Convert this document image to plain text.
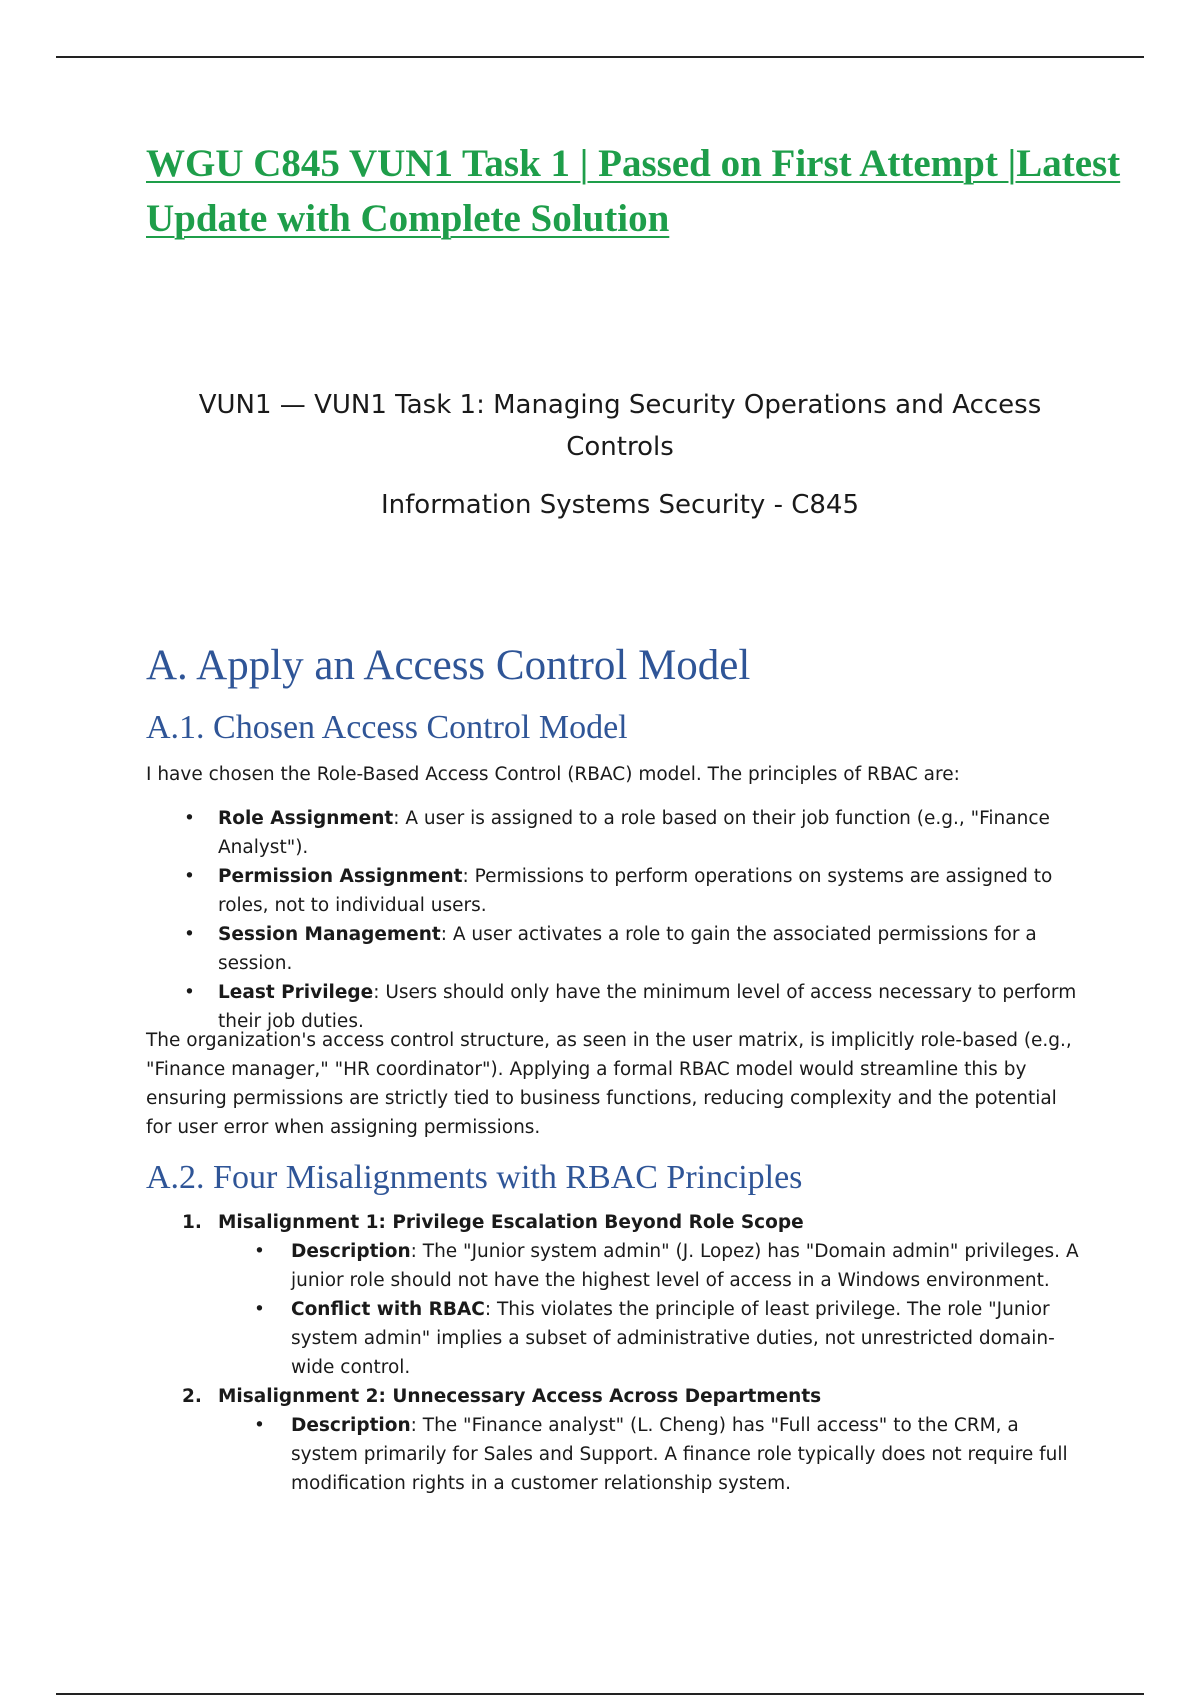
WGU C845 VUN1 Task 1 | Passed on First Attempt |Latest Update with Complete Solution

VUN1 — VUN1 Task 1: Managing Security Operations and Access Controls

Information Systems Security - C845

A. Apply an Access Control Model
A.1. Chosen Access Control Model

I have chosen the Role-Based Access Control (RBAC) model. The principles of RBAC are:

• Role Assignment: A user is assigned to a role based on their job function (e.g., "Finance Analyst").
• Permission Assignment: Permissions to perform operations on systems are assigned to roles, not to individual users.
• Session Management: A user activates a role to gain the associated permissions for a session.
• Least Privilege: Users should only have the minimum level of access necessary to perform their job duties.

The organization's access control structure, as seen in the user matrix, is implicitly role-based (e.g., "Finance manager," "HR coordinator"). Applying a formal RBAC model would streamline this by ensuring permissions are strictly tied to business functions, reducing complexity and the potential for user error when assigning permissions.

A.2. Four Misalignments with RBAC Principles
1. Misalignment 1: Privilege Escalation Beyond Role Scope
• Description: The "Junior system admin" (J. Lopez) has "Domain admin" privileges. A junior role should not have the highest level of access in a Windows environment.
• Conflict with RBAC: This violates the principle of least privilege. The role "Junior system admin" implies a subset of administrative duties, not unrestricted domain-wide control.
2. Misalignment 2: Unnecessary Access Across Departments
• Description: The "Finance analyst" (L. Cheng) has "Full access" to the CRM, a system primarily for Sales and Support. A finance role typically does not require full modification rights in a customer relationship system.
